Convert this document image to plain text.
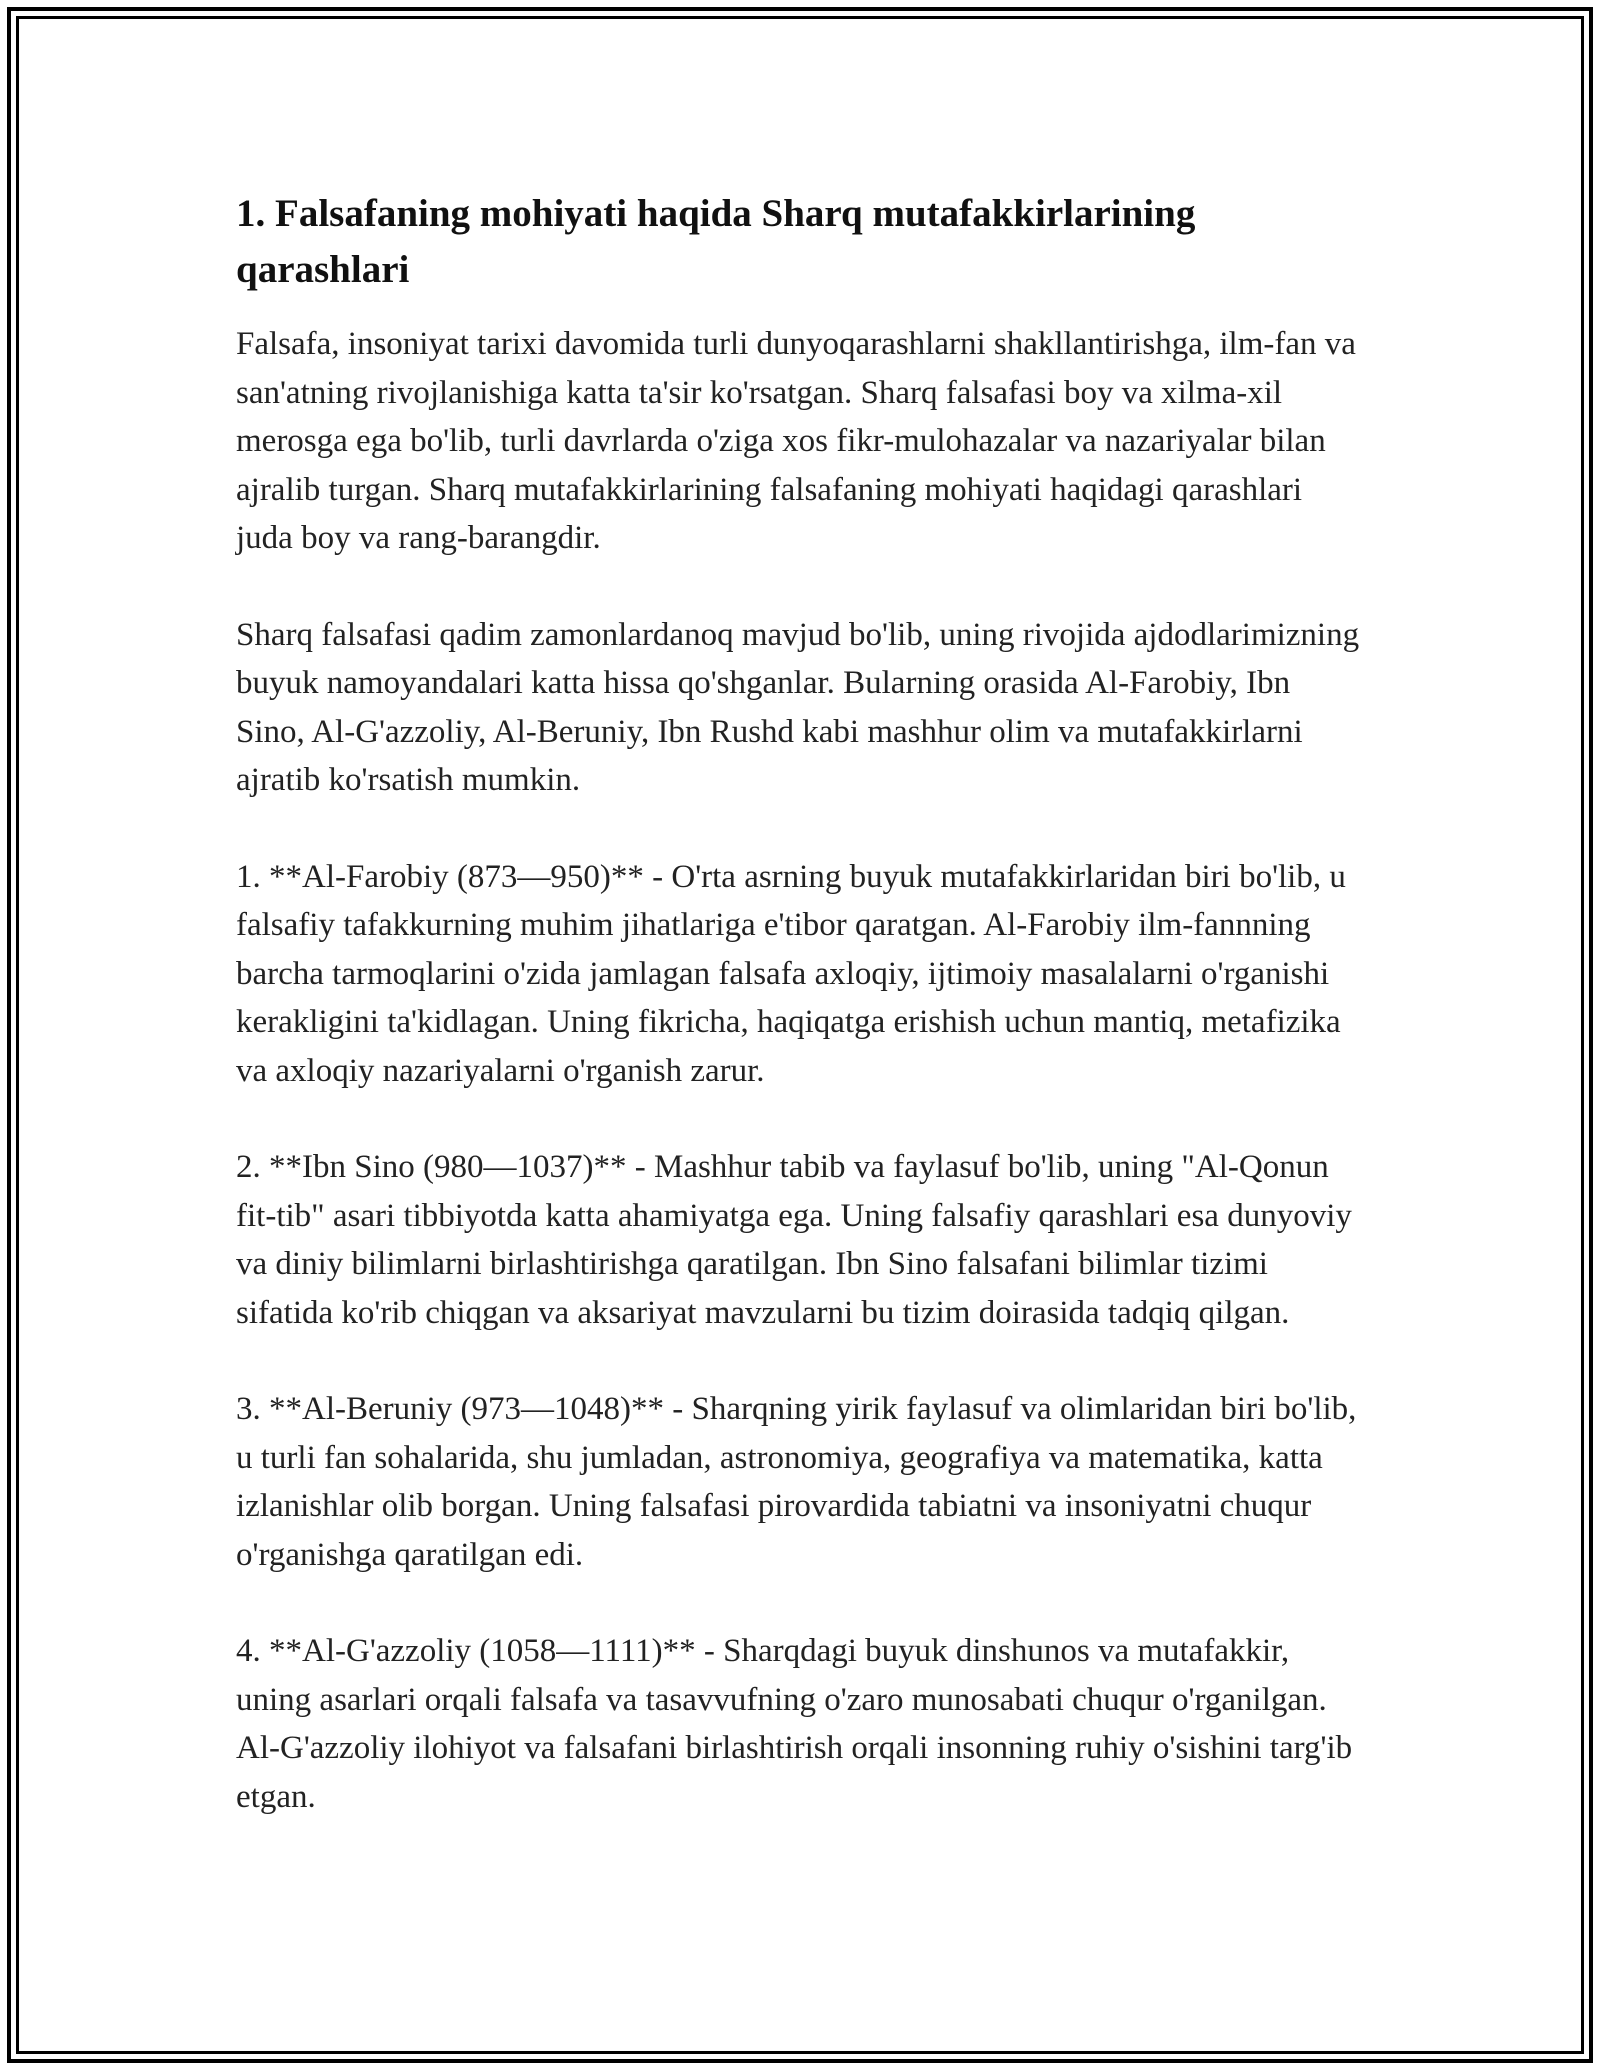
1. Falsafaning mohiyati haqida Sharq mutafakkirlarining qarashlari

Falsafa, insoniyat tarixi davomida turli dunyoqarashlarni shakllantirishga, ilm-fan va san'atning rivojlanishiga katta ta'sir ko'rsatgan. Sharq falsafasi boy va xilma-xil merosga ega bo'lib, turli davrlarda o'ziga xos fikr-mulohazalar va nazariyalar bilan ajralib turgan. Sharq mutafakkirlarining falsafaning mohiyati haqidagi qarashlari juda boy va rang-barangdir.

Sharq falsafasi qadim zamonlardanoq mavjud bo'lib, uning rivojida ajdodlarimizning buyuk namoyandalari katta hissa qo'shganlar. Bularning orasida Al-Farobiy, Ibn Sino, Al-G'azzoliy, Al-Beruniy, Ibn Rushd kabi mashhur olim va mutafakkirlarni ajratib ko'rsatish mumkin.

1. **Al-Farobiy (873—950)** - O'rta asrning buyuk mutafakkirlaridan biri bo'lib, u falsafiy tafakkurning muhim jihatlariga e'tibor qaratgan. Al-Farobiy ilm-fannning barcha tarmoqlarini o'zida jamlagan falsafa axloqiy, ijtimoiy masalalarni o'rganishi kerakligini ta'kidlagan. Uning fikricha, haqiqatga erishish uchun mantiq, metafizika va axloqiy nazariyalarni o'rganish zarur.

2. **Ibn Sino (980—1037)** - Mashhur tabib va faylasuf bo'lib, uning "Al-Qonun fit-tib" asari tibbiyotda katta ahamiyatga ega. Uning falsafiy qarashlari esa dunyoviy va diniy bilimlarni birlashtirishga qaratilgan. Ibn Sino falsafani bilimlar tizimi sifatida ko'rib chiqgan va aksariyat mavzularni bu tizim doirasida tadqiq qilgan.

3. **Al-Beruniy (973—1048)** - Sharqning yirik faylasuf va olimlaridan biri bo'lib, u turli fan sohalarida, shu jumladan, astronomiya, geografiya va matematika, katta izlanishlar olib borgan. Uning falsafasi pirovardida tabiatni va insoniyatni chuqur o'rganishga qaratilgan edi.

4. **Al-G'azzoliy (1058—1111)** - Sharqdagi buyuk dinshunos va mutafakkir, uning asarlari orqali falsafa va tasavvufning o'zaro munosabati chuqur o'rganilgan. Al-G'azzoliy ilohiyot va falsafani birlashtirish orqali insonning ruhiy o'sishini targ'ib etgan.
